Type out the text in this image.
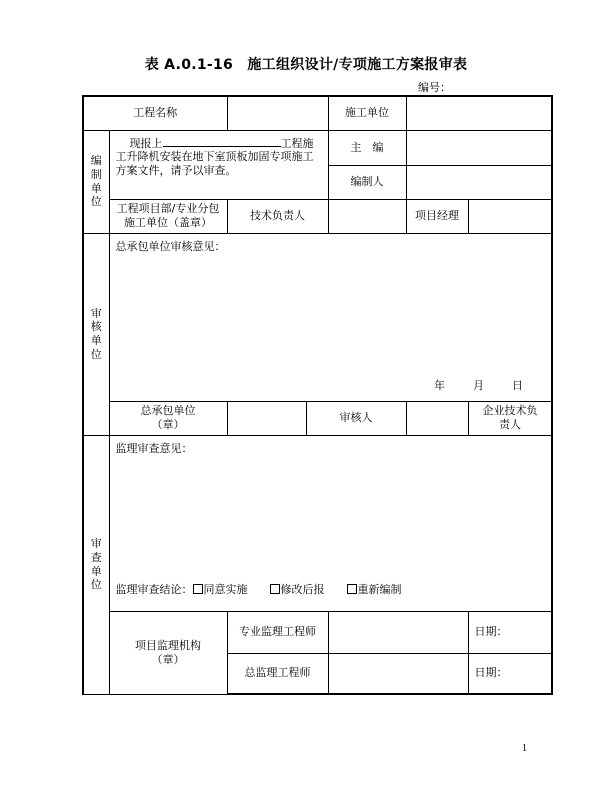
表 A.0.1-16　施工组织设计/专项施工方案报审表
编号：
工程名称				施工单位			
编
制
单
位	现报上 工程施工升降机安装在地下室顶板加固专项施工方案文件，请予以审查。			主　编			
				编制人			
	工程项目部/专业分包施工单位（盖章）	技术负责人			项目经理		
审
核
单
位	总承包单位审核意见：
年 月 日						

	总承包单位（章）		审核人			企业技术负责人	
审
查
单
位	监理审查意见：
监理审查结论： 同意实施 修改后报 重新编制						

	项目监理机构（章）	专业监理工程师				日期：	
		总监理工程师				日期：	
1
